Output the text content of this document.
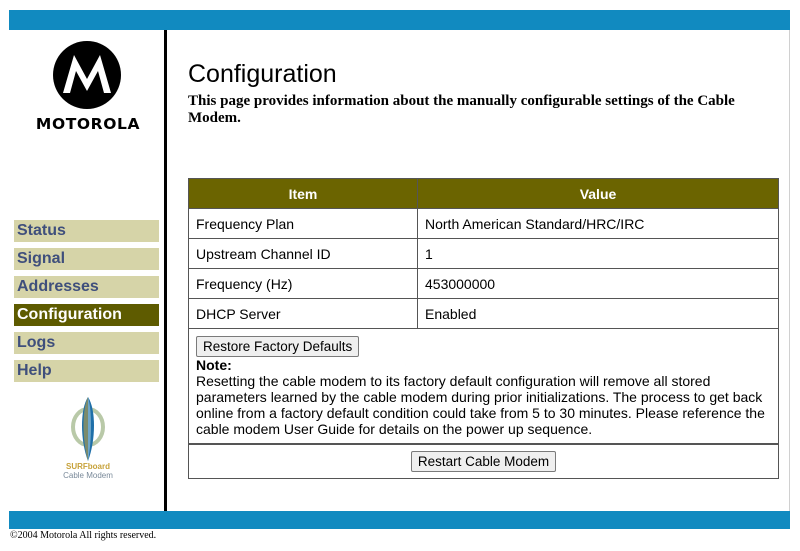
MOTOROLA
Status
Signal
Addresses
Configuration
Logs
Help
SURFboard
Cable Modem
Configuration

This page provides information about the manually configurable settings of the Cable Modem.

Item	Value
Frequency Plan	North American Standard/HRC/IRC
Upstream Channel ID	1
Frequency (Hz)	453000000
DHCP Server	Enabled
Restore Factory Defaults
Note:
Resetting the cable modem to its factory default configuration will remove all stored parameters learned by the cable modem during prior initializations. The process to get back online from a factory default condition could take from 5 to 30 minutes. Please reference the cable modem User Guide for details on the power up sequence.
Restart Cable Modem
©2004 Motorola All rights reserved.
